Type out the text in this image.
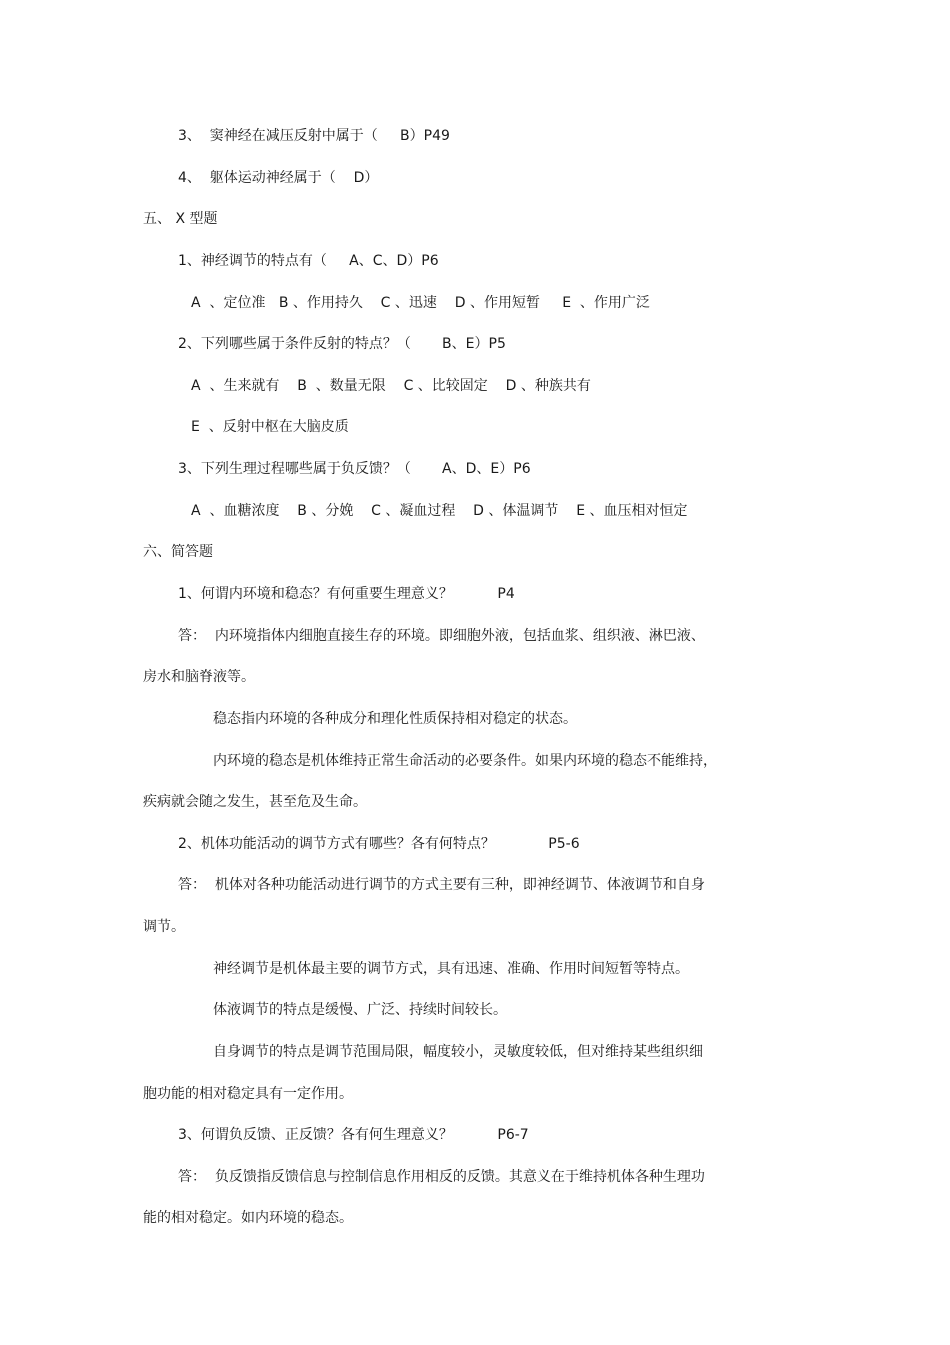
3、  窦神经在减压反射中属于（     B）P49
4、  躯体运动神经属于（    D）
五、 X 型题
1、神经调节的特点有（     A、C、D）P6
A  、定位准   B 、作用持久    C 、迅速    D 、作用短暂     E  、作用广泛
2、下列哪些属于条件反射的特点？（       B、E）P5
A  、生来就有    B  、数量无限    C 、比较固定    D 、种族共有
E  、反射中枢在大脑皮质
3、下列生理过程哪些属于负反馈？（       A、D、E）P6
A  、血糖浓度    B 、分娩    C 、凝血过程    D 、体温调节    E 、血压相对恒定
六、简答题
1、何谓内环境和稳态？有何重要生理意义？          P4
答：  内环境指体内细胞直接生存的环境。即细胞外液，包括血浆、组织液、淋巴液、
房水和脑脊液等。
稳态指内环境的各种成分和理化性质保持相对稳定的状态。
内环境的稳态是机体维持正常生命活动的必要条件。如果内环境的稳态不能维持，
疾病就会随之发生，甚至危及生命。
2、机体功能活动的调节方式有哪些？各有何特点？            P5-6
答：  机体对各种功能活动进行调节的方式主要有三种，即神经调节、体液调节和自身
调节。
神经调节是机体最主要的调节方式，具有迅速、准确、作用时间短暂等特点。
体液调节的特点是缓慢、广泛、持续时间较长。
自身调节的特点是调节范围局限，幅度较小，灵敏度较低，但对维持某些组织细
胞功能的相对稳定具有一定作用。
3、何谓负反馈、正反馈？各有何生理意义？          P6-7
答：  负反馈指反馈信息与控制信息作用相反的反馈。其意义在于维持机体各种生理功
能的相对稳定。如内环境的稳态。
